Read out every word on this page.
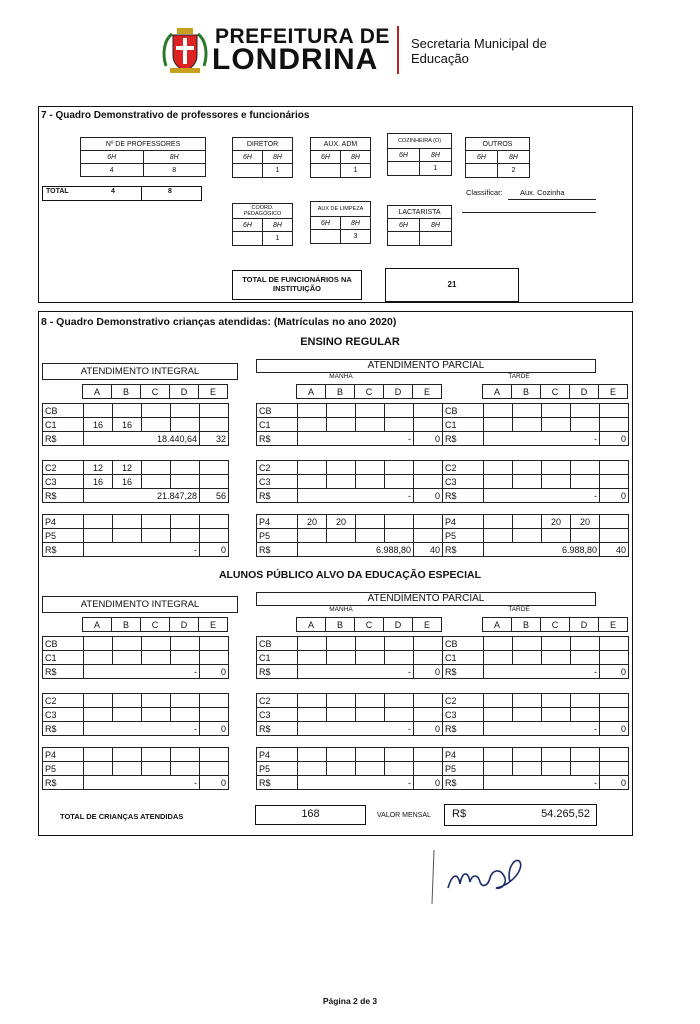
PREFEITURA DE
LONDRINA	Secretaria Municipal de
Educação
7 - Quadro Demonstrativo de professores e funcionários
Nº DE PROFESSORES	
6H	8H
4	8
TOTAL	4	8
DIRETOR	
6H	8H
	1
AUX. ADM	
6H	8H
	1
COZINHEIRA (O)	
6H	8H
	1
OUTROS	
6H	8H
	2
COORD. PEDAGÓGICO	
6H	8H
	1
AUX DE LIMPEZA	
6H	8H
	3
LACTARISTA	
6H	8H

Classificar: Aux. Cozinha
TOTAL DE FUNCIONÁRIOS NA INSTITUIÇÃO	21
8 - Quadro Demonstrativo crianças atendidas: (Matrículas no ano 2020)
ENSINO REGULAR
ATENDIMENTO INTEGRAL
ATENDIMENTO PARCIAL
MANHÃ	TARDE
	A	B	C	D	E
CB					
C1	16	16			
R$	18.440,64				32
C2	12	12			
C3	16	16			
R$	21.847,28				56
P4					
P5					
R$	-				0
	A	B	C	D	E
CB					
C1					
R$	-				0
C2					
C3					
R$	-				0
P4	20	20			
P5					
R$	6.988,80				40
	A	B	C	D	E
CB					
C1					
R$	-				0
C2					
C3					
R$	-				0
P4			20	20	
P5					
R$	6.988,80				40
ALUNOS PÚBLICO ALVO DA EDUCAÇÃO ESPECIAL
ATENDIMENTO INTEGRAL
ATENDIMENTO PARCIAL
MANHÃ	TARDE
	A	B	C	D	E
CB					
C1					
R$	-				0
C2					
C3					
R$	-				0
P4					
P5					
R$	-				0
	A	B	C	D	E
CB					
C1					
R$	-				0
C2					
C3					
R$	-				0
P4					
P5					
R$	-				0
	A	B	C	D	E
CB					
C1					
R$	-				0
C2					
C3					
R$	-				0
P4					
P5					
R$	-				0
TOTAL DE CRIANÇAS ATENDIDAS	168	VALOR MENSAL R$	54.265,52
Página 2 de 3
